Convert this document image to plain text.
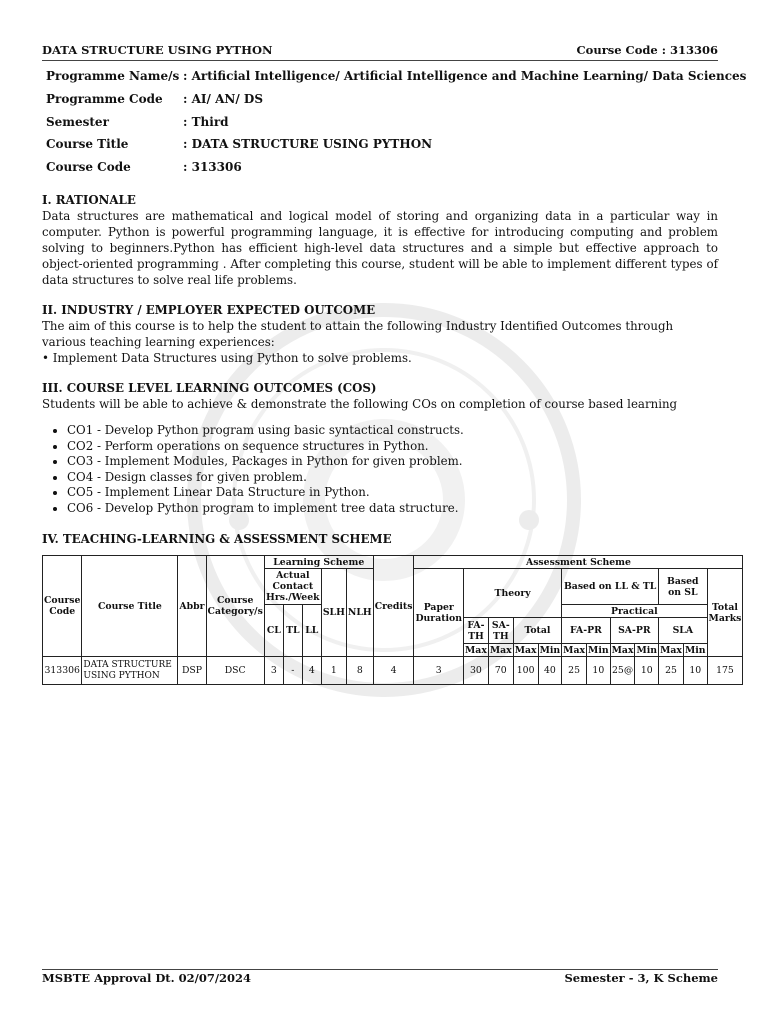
DATA STRUCTURE USING PYTHON	Course Code : 313306
Programme Name/s	: Artificial Intelligence/ Artificial Intelligence and Machine Learning/ Data Sciences
Programme Code	: AI/ AN/ DS
Semester	: Third
Course Title	: DATA STRUCTURE USING PYTHON
Course Code	: 313306
I. RATIONALE

Data structures are mathematical and logical model of storing and organizing data in a particular way in computer. Python is powerful programming language, it is effective for introducing computing and problem solving to beginners.Python has efficient high-level data structures and a simple but effective approach to object-oriented programming . After completing this course, student will be able to implement different types of data structures to solve real life problems.

II. INDUSTRY / EMPLOYER EXPECTED OUTCOME

The aim of this course is to help the student to attain the following Industry Identified Outcomes through various teaching learning experiences:

• Implement Data Structures using Python to solve problems.

III. COURSE LEVEL LEARNING OUTCOMES (COS)

Students will be able to achieve & demonstrate the following COs on completion of course based learning

• CO1 - Develop Python program using basic syntactical constructs.
• CO2 - Perform operations on sequence structures in Python.
• CO3 - Implement Modules, Packages in Python for given problem.
• CO4 - Design classes for given problem.
• CO5 - Implement Linear Data Structure in Python.
• CO6 - Develop Python program to implement tree data structure.
IV. TEACHING-LEARNING & ASSESSMENT SCHEME
Course Code	Course Title	Abbr	Course Category/s	Learning Scheme					Credits	Assessment Scheme											
				Actual Contact Hrs./Week			SLH	NLH		Paper Duration	Theory				Based on LL & TL				Based on SL		Total Marks
				CL	TL	LL									Practical						
											FA-TH	SA-TH	Total		FA-PR		SA-PR		SLA		
											Max	Max	Max	Min	Max	Min	Max	Min	Max	Min	
313306	DATA STRUCTURE USING PYTHON	DSP	DSC	3	-	4	1	8	4	3	30	70	100	40	25	10	25@	10	25	10	175
MSBTE Approval Dt. 02/07/2024	Semester - 3, K Scheme
